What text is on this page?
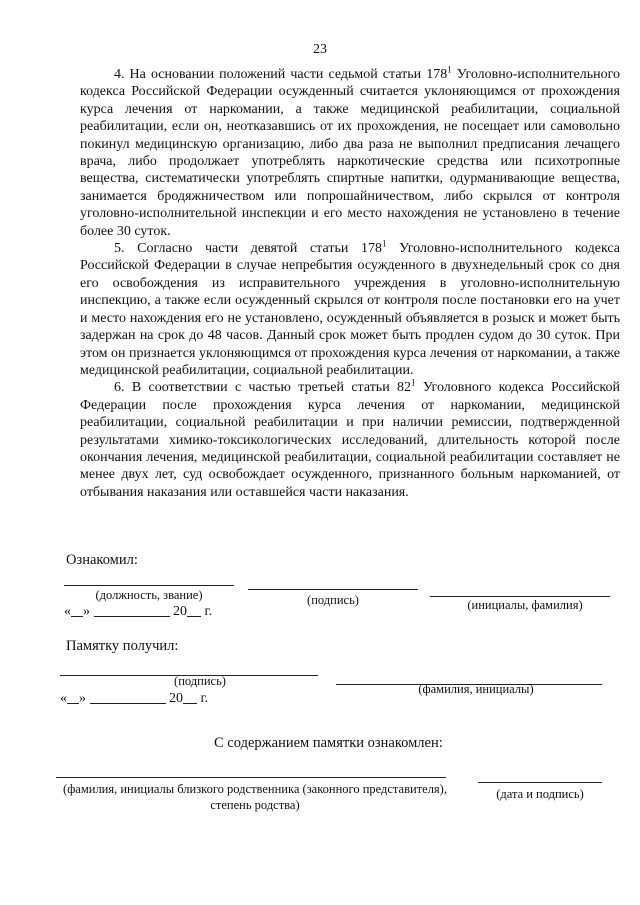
23

4. На основании положений части седьмой статьи $178^1$ Уголовно-исполнительного кодекса Российской Федерации осужденный считается уклоняющимся от прохождения курса лечения от наркомании, а также медицинской реабилитации, социальной реабилитации, если он, неотказавшись от их прохождения, не посещает или самовольно покинул медицинскую организацию, либо два раза не выполнил предписания лечащего врача, либо продолжает употреблять наркотические средства или психотропные вещества, систематически употреблять спиртные напитки, одурманивающие вещества, занимается бродяжничеством или попрошайничеством, либо скрылся от контроля уголовно-исполнительной инспекции и его место нахождения не установлено в течение более 30 суток.

5. Согласно части девятой статьи $178^1$ Уголовно-исполнительного кодекса Российской Федерации в случае непребытия осужденного в двухнедельный срок со дня его освобождения из исправительного учреждения в уголовно-исполнительную инспекцию, а также если осужденный скрылся от контроля после постановки его на учет и место нахождения его не установлено, осужденный объявляется в розыск и может быть задержан на срок до 48 часов. Данный срок может быть продлен судом до 30 суток. При этом он признается уклоняющимся от прохождения курса лечения от наркомании, а также медицинской реабилитации, социальной реабилитации.

6. В соответствии с частью третьей статьи $82^1$ Уголовного кодекса Российской Федерации после прохождения курса лечения от наркомании, медицинской реабилитации, социальной реабилитации и при наличии ремиссии, подтвержденной результатами химико-токсикологических исследований, длительность которой после окончания лечения, медицинской реабилитации, социальной реабилитации составляет не менее двух лет, суд освобождает осужденного, признанного больным наркоманией, от отбывания наказания или оставшейся части наказания.

Ознакомил:
(должность, звание)	(подпись)	(инициалы, фамилия)
« »	20 г.
Памятку получил:
(подпись)
(фамилия, инициалы)
« »	20 г.
С содержанием памятки ознакомлен:
(фамилия, инициалы близкого родственника (законного представителя), степень родства)
(дата и подпись)
